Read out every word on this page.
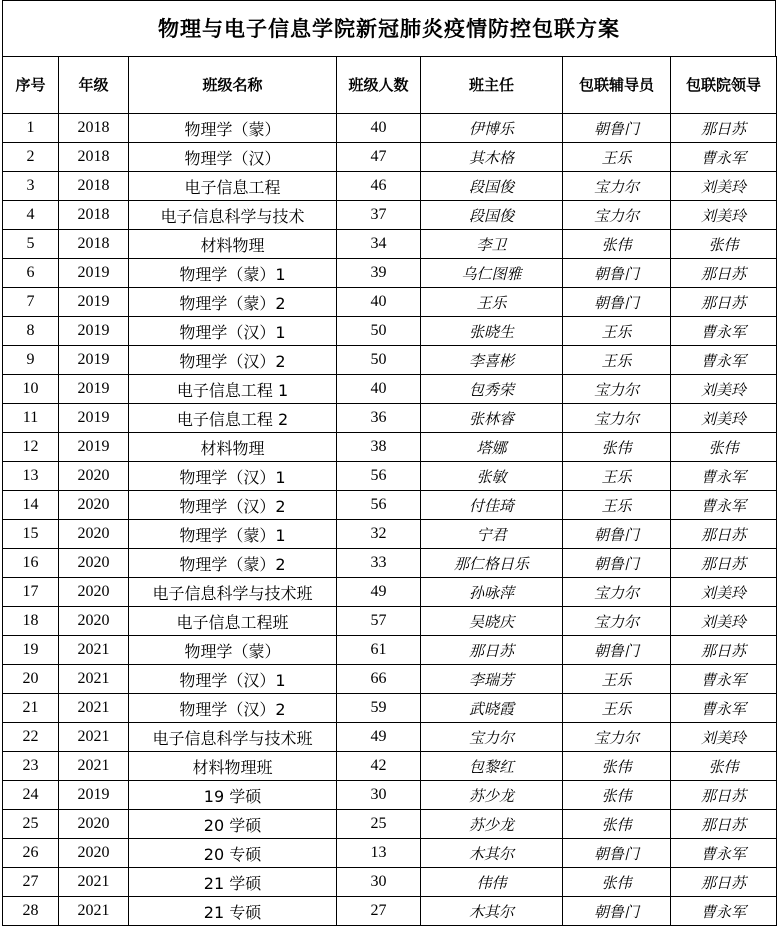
物理与电子信息学院新冠肺炎疫情防控包联方案
序号	年级	班级名称	班级人数	班主任	包联辅导员	包联院领导
1	2018	物理学（蒙）	40	伊博乐	朝鲁门	那日苏
2	2018	物理学（汉）	47	其木格	王乐	曹永军
3	2018	电子信息工程	46	段国俊	宝力尔	刘美玲
4	2018	电子信息科学与技术	37	段国俊	宝力尔	刘美玲
5	2018	材料物理	34	李卫	张伟	张伟
6	2019	物理学（蒙）1	39	乌仁图雅	朝鲁门	那日苏
7	2019	物理学（蒙）2	40	王乐	朝鲁门	那日苏
8	2019	物理学（汉）1	50	张晓生	王乐	曹永军
9	2019	物理学（汉）2	50	李喜彬	王乐	曹永军
10	2019	电子信息工程 1	40	包秀荣	宝力尔	刘美玲
11	2019	电子信息工程 2	36	张林睿	宝力尔	刘美玲
12	2019	材料物理	38	塔娜	张伟	张伟
13	2020	物理学（汉）1	56	张敏	王乐	曹永军
14	2020	物理学（汉）2	56	付佳琦	王乐	曹永军
15	2020	物理学（蒙）1	32	宁君	朝鲁门	那日苏
16	2020	物理学（蒙）2	33	那仁格日乐	朝鲁门	那日苏
17	2020	电子信息科学与技术班	49	孙咏萍	宝力尔	刘美玲
18	2020	电子信息工程班	57	吴晓庆	宝力尔	刘美玲
19	2021	物理学（蒙）	61	那日苏	朝鲁门	那日苏
20	2021	物理学（汉）1	66	李瑞芳	王乐	曹永军
21	2021	物理学（汉）2	59	武晓霞	王乐	曹永军
22	2021	电子信息科学与技术班	49	宝力尔	宝力尔	刘美玲
23	2021	材料物理班	42	包黎红	张伟	张伟
24	2019	19 学硕	30	苏少龙	张伟	那日苏
25	2020	20 学硕	25	苏少龙	张伟	那日苏
26	2020	20 专硕	13	木其尔	朝鲁门	曹永军
27	2021	21 学硕	30	伟伟	张伟	那日苏
28	2021	21 专硕	27	木其尔	朝鲁门	曹永军
